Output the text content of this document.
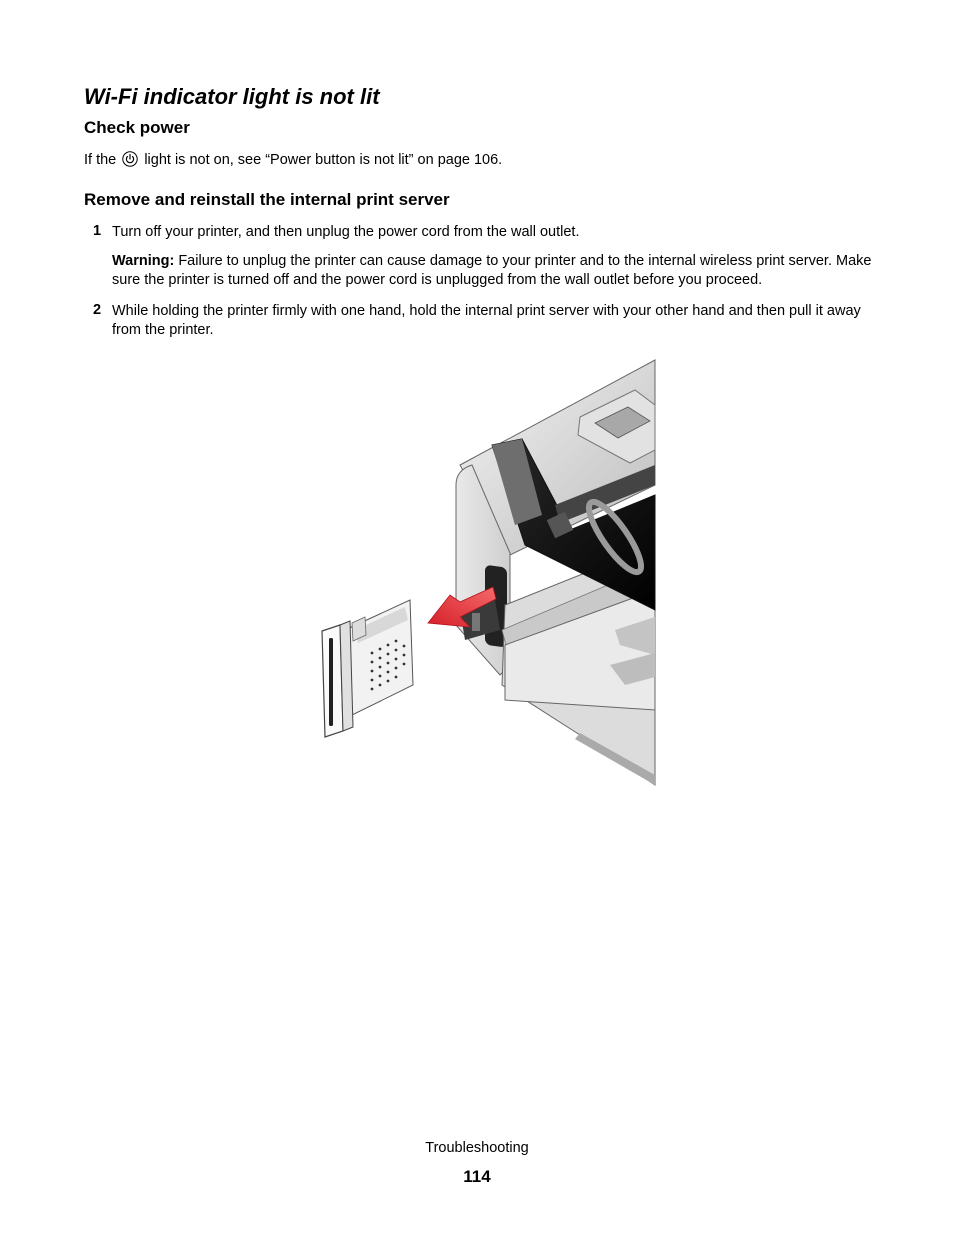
Wi-Fi indicator light is not lit
Check power

If the light is not on, see “Power button is not lit” on page 106.

Remove and reinstall the internal print server
1 Turn off your printer, and then unplug the power cord from the wall outlet.

Warning: Failure to unplug the printer can cause damage to your printer and to the internal wireless print server. Make sure the printer is turned off and the power cord is unplugged from the wall outlet before you proceed.

2 While holding the printer firmly with one hand, hold the internal print server with your other hand and then pull it away from the printer.

Troubleshooting
114
